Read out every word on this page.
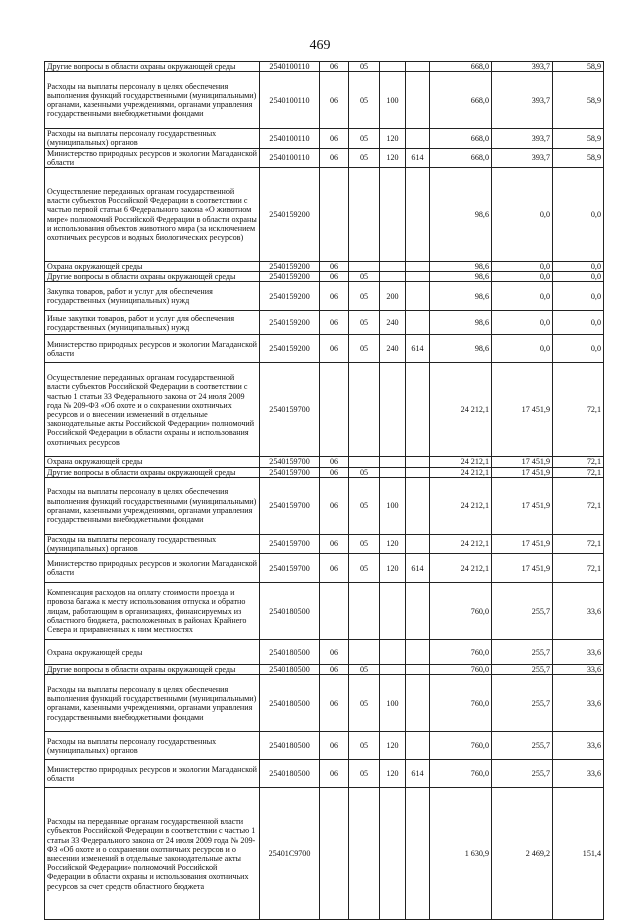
469
Другие вопросы в области охраны окружающей среды	2540100110	06	05			668,0	393,7	58,9
Расходы на выплаты персоналу в целях обеспечения выполнения функций государственными (муниципальными) органами, казенными учреждениями, органами управления государственными внебюджетными фондами	2540100110	06	05	100		668,0	393,7	58,9
Расходы на выплаты персоналу государственных (муниципальных) органов	2540100110	06	05	120		668,0	393,7	58,9
Министерство природных ресурсов и экологии Магаданской области	2540100110	06	05	120	614	668,0	393,7	58,9
Осуществление переданных органам государственной власти субъектов Российской Федерации в соответствии с частью первой статьи 6 Федерального закона «О животном мире» полномочий Российской Федерации в области охраны и использования объектов животного мира (за исключением охотничьих ресурсов и водных биологических ресурсов)	2540159200					98,6	0,0	0,0
Охрана окружающей среды	2540159200	06				98,6	0,0	0,0
Другие вопросы в области охраны окружающей среды	2540159200	06	05			98,6	0,0	0,0
Закупка товаров, работ и услуг для обеспечения государственных (муниципальных) нужд	2540159200	06	05	200		98,6	0,0	0,0
Иные закупки товаров, работ и услуг для обеспечения государственных (муниципальных) нужд	2540159200	06	05	240		98,6	0,0	0,0
Министерство природных ресурсов и экологии Магаданской области	2540159200	06	05	240	614	98,6	0,0	0,0
Осуществление переданных органам государственной власти субъектов Российской Федерации в соответствии с частью 1 статьи 33 Федерального закона от 24 июля 2009 года № 209-ФЗ «Об охоте и о сохранении охотничьих ресурсов и о внесении изменений в отдельные законодательные акты Российской Федерации» полномочий Российской Федерации в области охраны и использования охотничьих ресурсов	2540159700					24 212,1	17 451,9	72,1
Охрана окружающей среды	2540159700	06				24 212,1	17 451,9	72,1
Другие вопросы в области охраны окружающей среды	2540159700	06	05			24 212,1	17 451,9	72,1
Расходы на выплаты персоналу в целях обеспечения выполнения функций государственными (муниципальными) органами, казенными учреждениями, органами управления государственными внебюджетными фондами	2540159700	06	05	100		24 212,1	17 451,9	72,1
Расходы на выплаты персоналу государственных (муниципальных) органов	2540159700	06	05	120		24 212,1	17 451,9	72,1
Министерство природных ресурсов и экологии Магаданской области	2540159700	06	05	120	614	24 212,1	17 451,9	72,1
Компенсация расходов на оплату стоимости проезда и провоза багажа к месту использования отпуска и обратно лицам, работающим в организациях, финансируемых из областного бюджета, расположенных в районах Крайнего Севера и приравненных к ним местностях	2540180500					760,0	255,7	33,6
Охрана окружающей среды	2540180500	06				760,0	255,7	33,6
Другие вопросы в области охраны окружающей среды	2540180500	06	05			760,0	255,7	33,6
Расходы на выплаты персоналу в целях обеспечения выполнения функций государственными (муниципальными) органами, казенными учреждениями, органами управления государственными внебюджетными фондами	2540180500	06	05	100		760,0	255,7	33,6
Расходы на выплаты персоналу государственных (муниципальных) органов	2540180500	06	05	120		760,0	255,7	33,6
Министерство природных ресурсов и экологии Магаданской области	2540180500	06	05	120	614	760,0	255,7	33,6
Расходы на переданные органам государственной власти субъектов Российской Федерации в соответствии с частью 1 статьи 33 Федерального закона от 24 июля 2009 года № 209-ФЗ «Об охоте и о сохранении охотничьих ресурсов и о внесении изменений в отдельные законодательные акты Российской Федерации» полномочий Российской Федерации в области охраны и использования охотничьих ресурсов за счет средств областного бюджета	25401С9700					1 630,9	2 469,2	151,4
